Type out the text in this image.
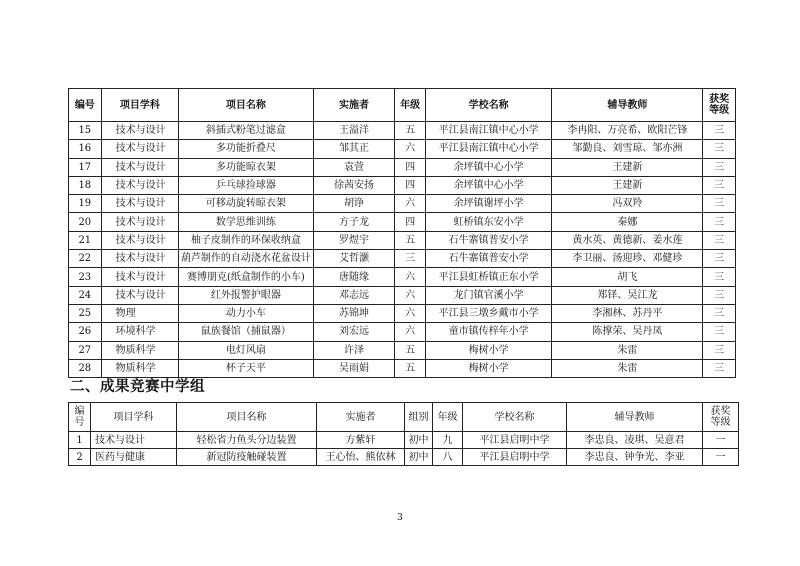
编号	项目学科	项目名称	实施者	年级	学校名称	辅导教师	获奖等级
15	技术与设计	斜插式粉笔过滤盒	王溢洋	五	平江县南江镇中心小学	李冉阳、万亮希、欧阳芒锋	三
16	技术与设计	多功能折叠尺	邹其正	六	平江县南江镇中心小学	邹勤良、刘雪琼、邹亦洲	三
17	技术与设计	多功能晾衣架	袁萱	四	余坪镇中心小学	王建新	三
18	技术与设计	乒乓球捡球器	徐茜安扬	四	余坪镇中心小学	王建新	三
19	技术与设计	可移动旋转晾衣架	胡诤	六	余坪镇谢坪小学	冯双羚	三
20	技术与设计	数学思维训练	方子龙	四	虹桥镇东安小学	秦娜	三
21	技术与设计	柚子皮制作的环保收纳盒	罗煜宇	五	石牛寨镇普安小学	黄水英、黄德新、姜水莲	三
22	技术与设计	葫芦制作的自动浇水花盆设计	艾哲灏	三	石牛寨镇普安小学	李卫丽、汤迎珍、邓健珍	三
23	技术与设计	赛博朋克(纸盒制作的小车)	唐随缘	六	平江县虹桥镇正东小学	胡飞	三
24	技术与设计	红外报警护眼器	邓志远	六	龙门镇官溪小学	郑铎、吴江龙	三
25	物理	动力小车	苏锦坤	六	平江县三墩乡戴市小学	李湘林、苏丹平	三
26	环境科学	鼠族餐馆（捕鼠器）	刘宏远	六	童市镇传梓年小学	陈撑荣、吴丹凤	三
27	物质科学	电灯风扇	许泽	五	梅树小学	朱雷	三
28	物质科学	杯子天平	吴雨娟	五	梅树小学	朱雷	三
二、成果竞赛中学组
编号	项目学科	项目名称	实施者	组别	年级	学校名称	辅导教师	获奖等级
1	技术与设计	轻松省力鱼头分边装置	方紫轩	初中	九	平江县启明中学	李忠良、凌琪、吴意君	一
2	医药与健康	新冠防疫触碰装置	王心怡、熊依林	初中	八	平江县启明中学	李忠良、钟争光、李亚	一
3
